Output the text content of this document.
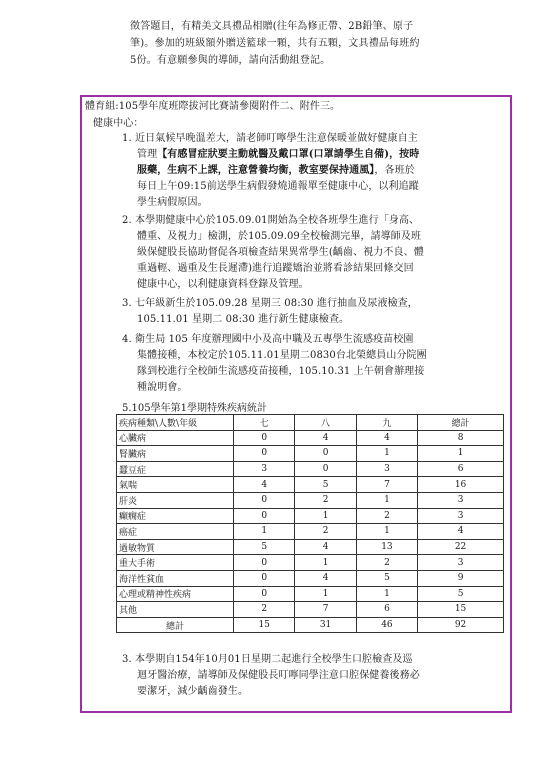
徵答題目，有精美文具禮品相贈(往年為修正帶、2B鉛筆、原子
筆)。參加的班級額外贈送籃球一顆，共有五顆，文具禮品每班約
5份。有意願參與的導師，請向活動組登記。
體育組:105學年度班際拔河比賽請參閱附件二、附件三。
健康中心：
1. 近日氣候早晚溫差大，請老師叮嚀學生注意保暖並做好健康自主
管理【有感冒症狀要主動就醫及戴口罩(口罩請學生自備)，按時
服藥，生病不上課，注意營養均衡，教室要保持通風】，各班於
每日上午09:15前送學生病假發燒通報單至健康中心，以利追蹤
學生病假原因。
2. 本學期健康中心於105.09.01開始為全校各班學生進行「身高、
體重、及視力」檢測，於105.09.09全校檢測完畢，請導師及班
級保健股長協助督促各項檢查結果異常學生(齲齒、視力不良、體
重過輕、過重及生長遲滯)進行追蹤矯治並將看診結果回條交回
健康中心，以利健康資料登錄及管理。
3. 七年級新生於105.09.28 星期三 08:30 進行抽血及尿液檢查，
105.11.01 星期二 08:30 進行新生健康檢查。
4. 衛生局 105 年度辦理國中小及高中職及五專學生流感疫苗校園
集體接種，本校定於105.11.01星期二0830台北榮總員山分院團
隊到校進行全校師生流感疫苗接種，105.10.31 上午朝會辦理接
種說明會。
5.105學年第1學期特殊疾病統計
疾病種類\人數\年級	七	八	九	總計
心臟病	0	4	4	8
腎臟病	0	0	1	1
蠶豆症	3	0	3	6
氣喘	4	5	7	16
肝炎	0	2	1	3
癲癇症	0	1	2	3
癌症	1	2	1	4
過敏物質	5	4	13	22
重大手術	0	1	2	3
海洋性貧血	0	4	5	9
心理或精神性疾病	0	1	1	5
其他	2	7	6	15
總計	15	31	46	92
3. 本學期自154年10月01日星期二起進行全校學生口腔檢查及巡
迴牙醫治療，請導師及保健股長叮嚀同學注意口腔保健養後務必
要潔牙，減少齲齒發生。
